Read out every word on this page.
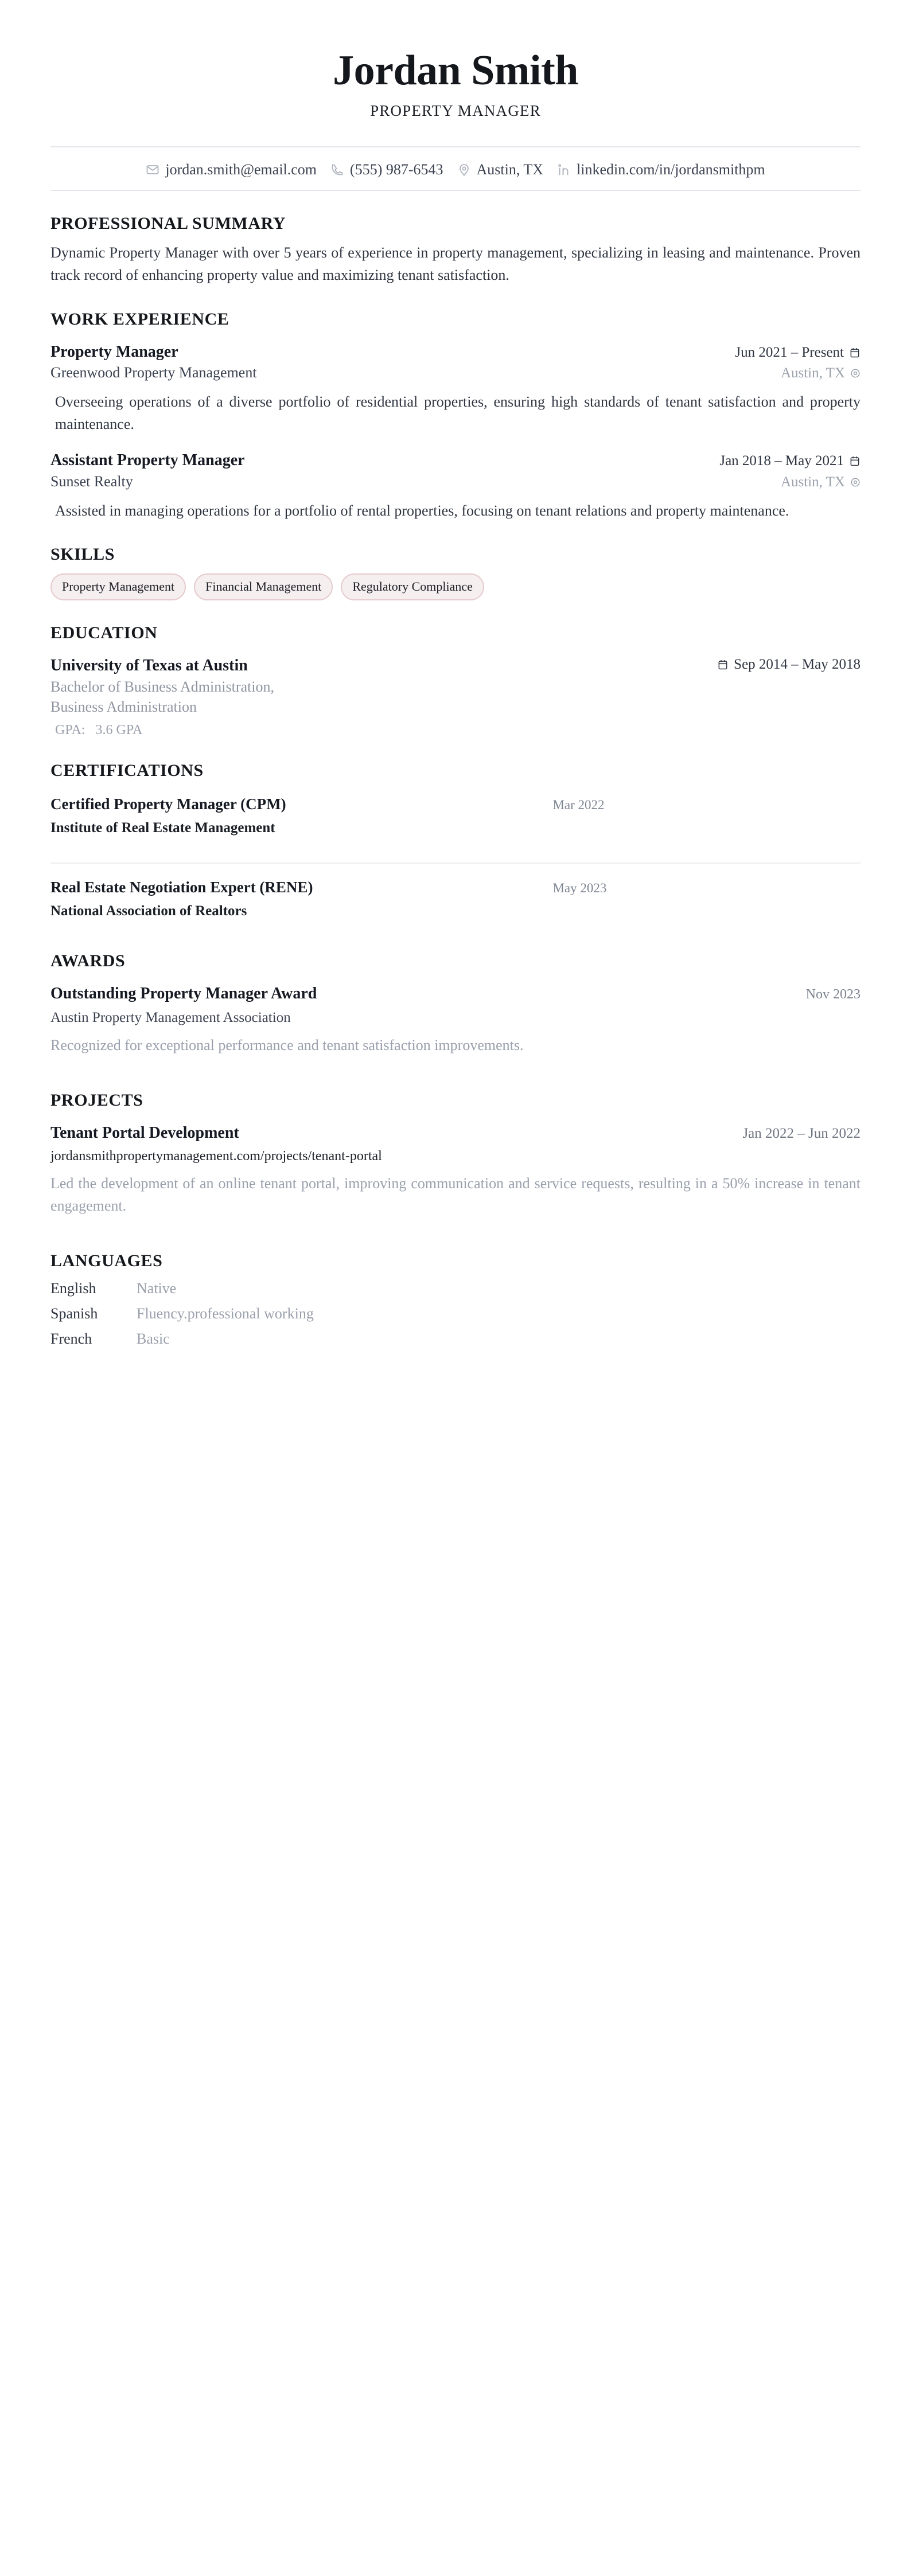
Jordan Smith
PROPERTY MANAGER
jordan.smith@email.com (555) 987-6543 Austin, TX linkedin.com/in/jordansmithpm
PROFESSIONAL SUMMARY

Dynamic Property Manager with over 5 years of experience in property management, specializing in leasing and maintenance. Proven track record of enhancing property value and maximizing tenant satisfaction.

WORK EXPERIENCE
Property Manager	Jun 2021 – Present
Greenwood Property Management	Austin, TX

Overseeing operations of a diverse portfolio of residential properties, ensuring high standards of tenant satisfaction and property maintenance.

Assistant Property Manager	Jan 2018 – May 2021
Sunset Realty	Austin, TX

Assisted in managing operations for a portfolio of rental properties, focusing on tenant relations and property maintenance.

SKILLS
Property Management	Financial Management	Regulatory Compliance
EDUCATION
University of Texas at Austin	Sep 2014 – May 2018
Bachelor of Business Administration,
Business Administration
GPA: 3.6 GPA
CERTIFICATIONS
Certified Property Manager (CPM)	Mar 2022
Institute of Real Estate Management
Real Estate Negotiation Expert (RENE)	May 2023
National Association of Realtors
AWARDS
Outstanding Property Manager Award	Nov 2023
Austin Property Management Association

Recognized for exceptional performance and tenant satisfaction improvements.

PROJECTS
Tenant Portal Development	Jan 2022 – Jun 2022
jordansmithpropertymanagement.com/projects/tenant-portal

Led the development of an online tenant portal, improving communication and service requests, resulting in a 50% increase in tenant engagement.

LANGUAGES
English	Native
Spanish	Fluency.professional working
French	Basic
